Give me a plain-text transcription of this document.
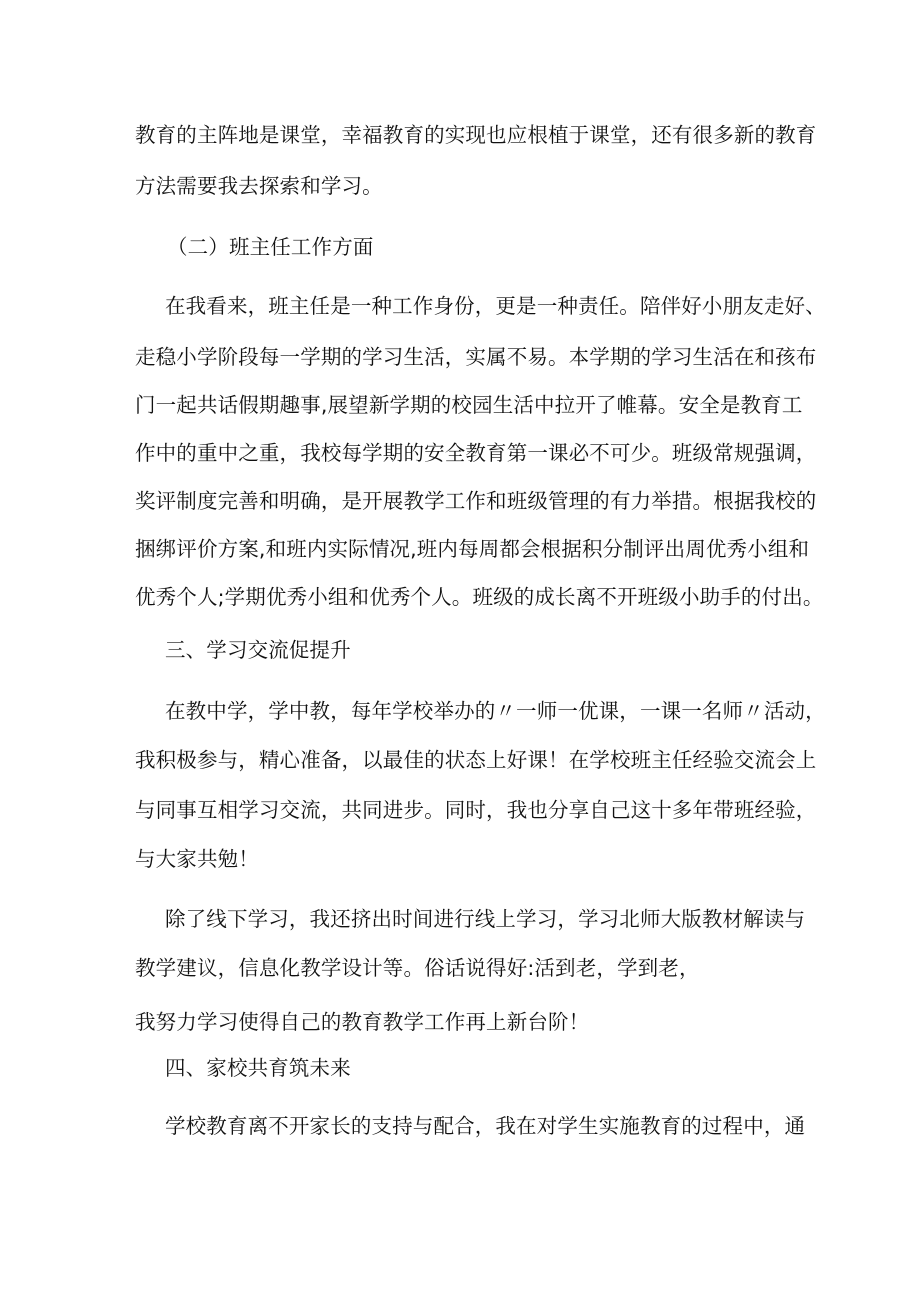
教育的主阵地是课堂，幸福教育的实现也应根植于课堂，还有很多新的教育
方法需要我去探索和学习。
（二）班主任工作方面
在我看来，班主任是一种工作身份，更是一种责任。陪伴好小朋友走好、
走稳小学阶段每一学期的学习生活，实属不易。本学期的学习生活在和孩布
门一起共话假期趣事,展望新学期的校园生活中拉开了帷幕。安全是教育工
作中的重中之重，我校每学期的安全教育第一课必不可少。班级常规强调，
奖评制度完善和明确，是开展教学工作和班级管理的有力举措。根据我校的
捆绑评价方案,和班内实际情况,班内每周都会根据积分制评出周优秀小组和
优秀个人;学期优秀小组和优秀个人。班级的成长离不开班级小助手的付出。
三、学习交流促提升
在教中学，学中教，每年学校举办的〃一师一优课，一课一名师〃活动，
我积极参与，精心准备，以最佳的状态上好课！在学校班主任经验交流会上
与同事互相学习交流，共同进步。同时，我也分享自己这十多年带班经验，
与大家共勉！
除了线下学习，我还挤出时间进行线上学习，学习北师大版教材解读与
教学建议，信息化教学设计等。俗话说得好:活到老，学到老，
我努力学习使得自己的教育教学工作再上新台阶！
四、家校共育筑未来
学校教育离不开家长的支持与配合，我在对学生实施教育的过程中，通
